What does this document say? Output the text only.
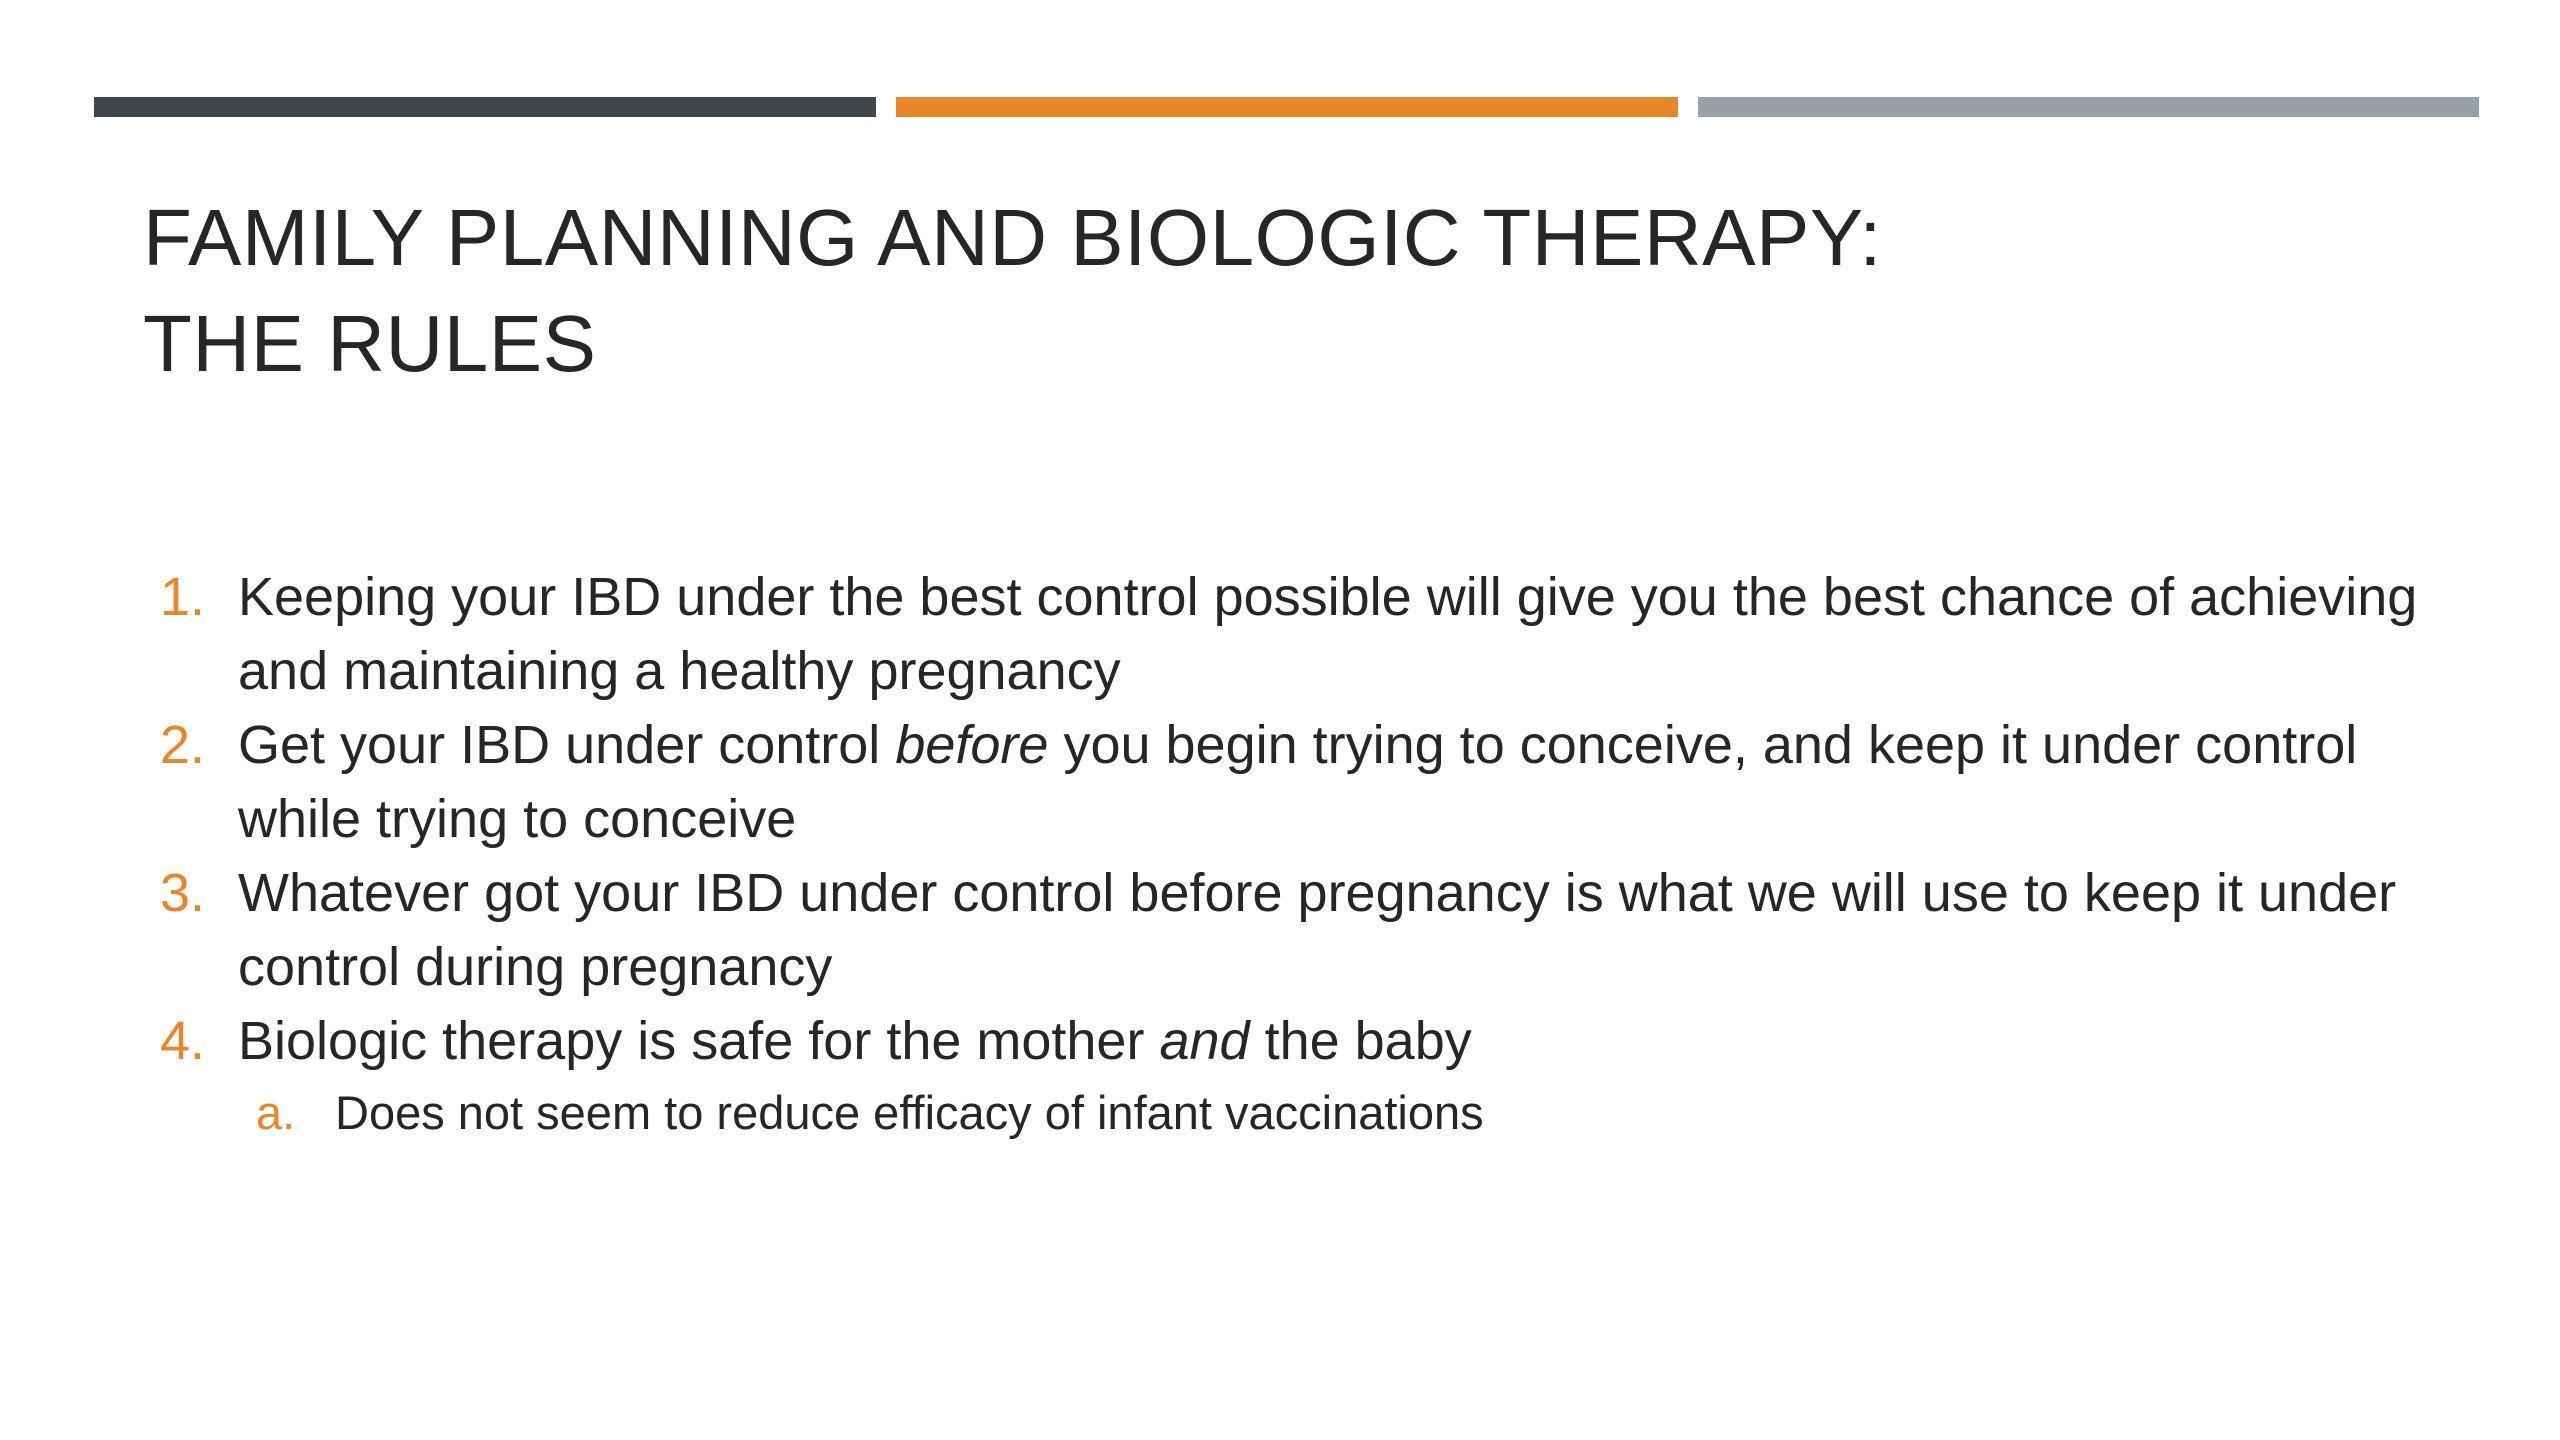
FAMILY PLANNING AND BIOLOGIC THERAPY:
THE RULES
1. Keeping your IBD under the best control possible will give you the best chance of achieving and maintaining a healthy pregnancy
2. Get your IBD under control before you begin trying to conceive, and keep it under control while trying to conceive
3. Whatever got your IBD under control before pregnancy is what we will use to keep it under control during pregnancy
4. Biologic therapy is safe for the mother and the baby
a. Does not seem to reduce efficacy of infant vaccinations
